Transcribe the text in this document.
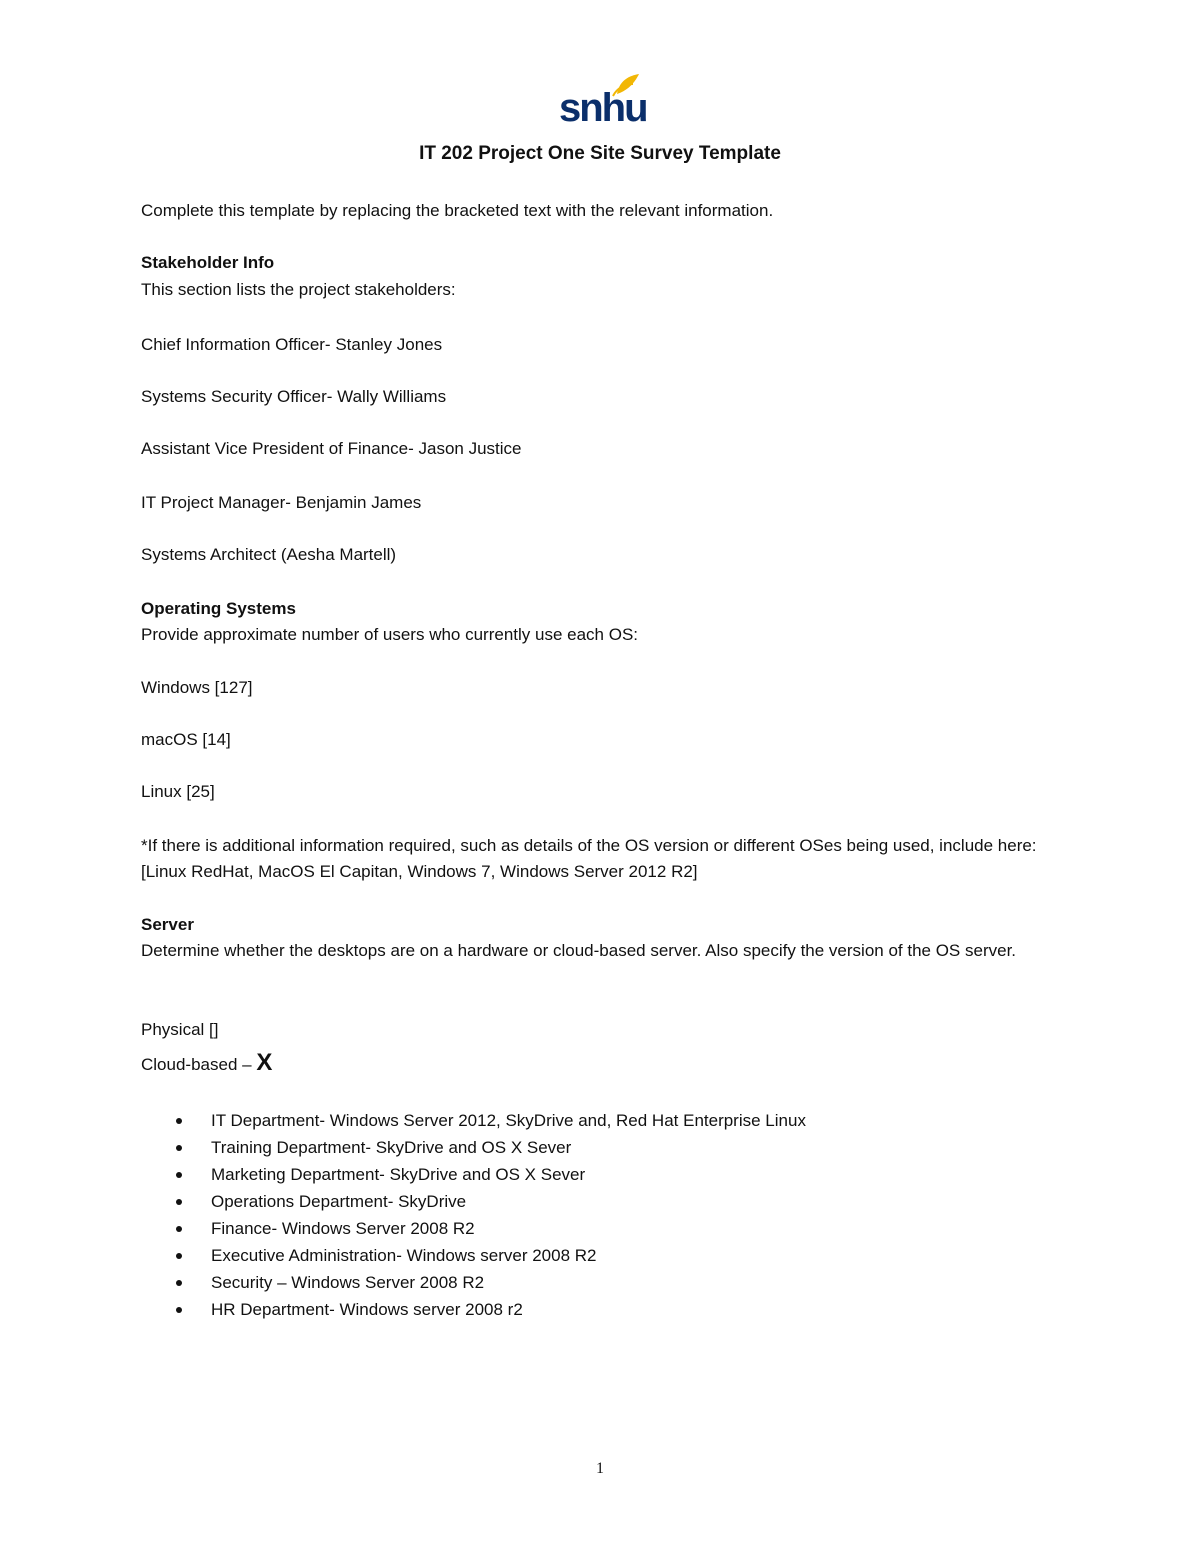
snhu
IT 202 Project One Site Survey Template
Complete this template by replacing the bracketed text with the relevant information.
Stakeholder Info
This section lists the project stakeholders:
Chief Information Officer- Stanley Jones
Systems Security Officer- Wally Williams
Assistant Vice President of Finance- Jason Justice
IT Project Manager- Benjamin James
Systems Architect (Aesha Martell)
Operating Systems
Provide approximate number of users who currently use each OS:
Windows [127]
macOS [14]
Linux [25]
*If there is additional information required, such as details of the OS version or different OSes being used, include here: [Linux RedHat, MacOS El Capitan, Windows 7, Windows Server 2012 R2]
Server
Determine whether the desktops are on a hardware or cloud-based server. Also specify the version of the OS server.
Physical []
Cloud-based – X
IT Department- Windows Server 2012, SkyDrive and, Red Hat Enterprise Linux
Training Department- SkyDrive and OS X Sever
Marketing Department- SkyDrive and OS X Sever
Operations Department- SkyDrive
Finance- Windows Server 2008 R2
Executive Administration- Windows server 2008 R2
Security – Windows Server 2008 R2
HR Department- Windows server 2008 r2
1
